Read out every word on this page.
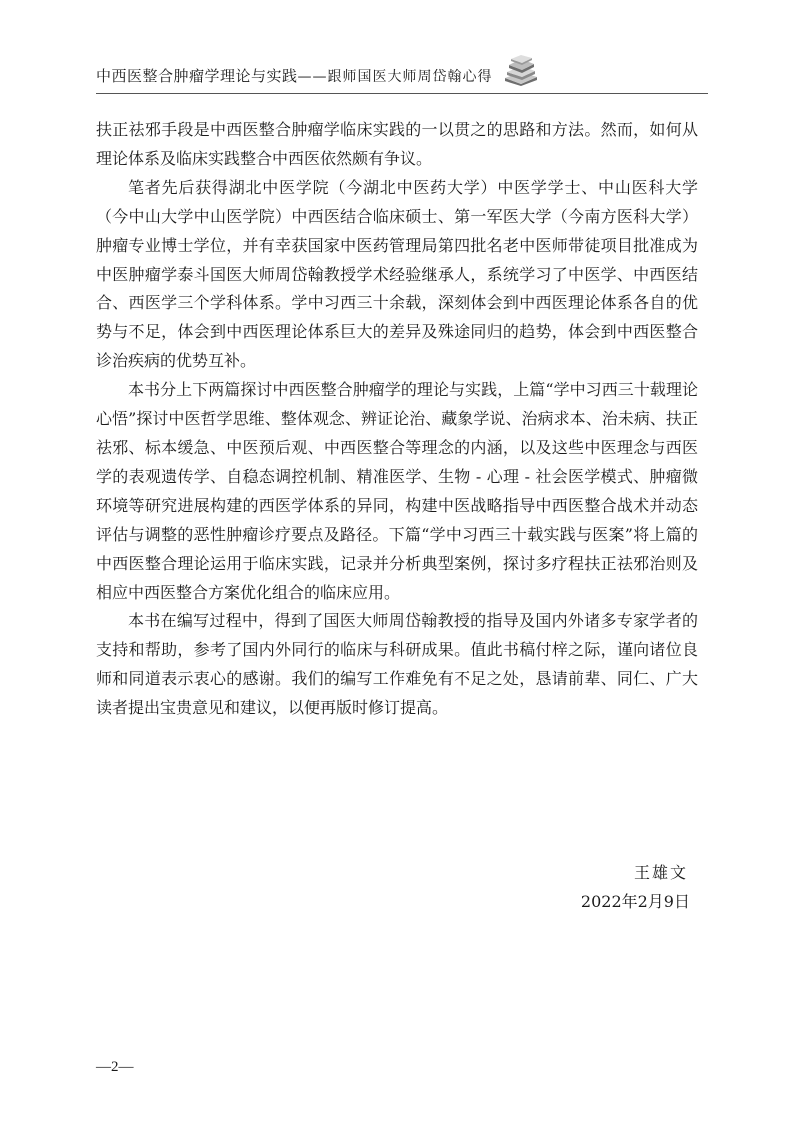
中西医整合肿瘤学理论与实践——跟师国医大师周岱翰心得

扶正祛邪手段是中西医整合肿瘤学临床实践的一以贯之的思路和方法。然而，如何从理论体系及临床实践整合中西医依然颇有争议。

笔者先后获得湖北中医学院（今湖北中医药大学）中医学学士、中山医科大学（今中山大学中山医学院）中西医结合临床硕士、第一军医大学（今南方医科大学）肿瘤专业博士学位，并有幸获国家中医药管理局第四批名老中医师带徒项目批准成为中医肿瘤学泰斗国医大师周岱翰教授学术经验继承人，系统学习了中医学、中西医结合、西医学三个学科体系。学中习西三十余载，深刻体会到中西医理论体系各自的优势与不足，体会到中西医理论体系巨大的差异及殊途同归的趋势，体会到中西医整合诊治疾病的优势互补。

本书分上下两篇探讨中西医整合肿瘤学的理论与实践，上篇“学中习西三十载理论心悟”探讨中医哲学思维、整体观念、辨证论治、藏象学说、治病求本、治未病、扶正祛邪、标本缓急、中医预后观、中西医整合等理念的内涵，以及这些中医理念与西医学的表观遗传学、自稳态调控机制、精准医学、生物 - 心理 - 社会医学模式、肿瘤微环境等研究进展构建的西医学体系的异同，构建中医战略指导中西医整合战术并动态评估与调整的恶性肿瘤诊疗要点及路径。下篇“学中习西三十载实践与医案”将上篇的中西医整合理论运用于临床实践，记录并分析典型案例，探讨多疗程扶正祛邪治则及相应中西医整合方案优化组合的临床应用。

本书在编写过程中，得到了国医大师周岱翰教授的指导及国内外诸多专家学者的支持和帮助，参考了国内外同行的临床与科研成果。值此书稿付梓之际，谨向诸位良师和同道表示衷心的感谢。我们的编写工作难免有不足之处，恳请前辈、同仁、广大读者提出宝贵意见和建议，以便再版时修订提高。

王雄文
2022年2月9日
—2—
